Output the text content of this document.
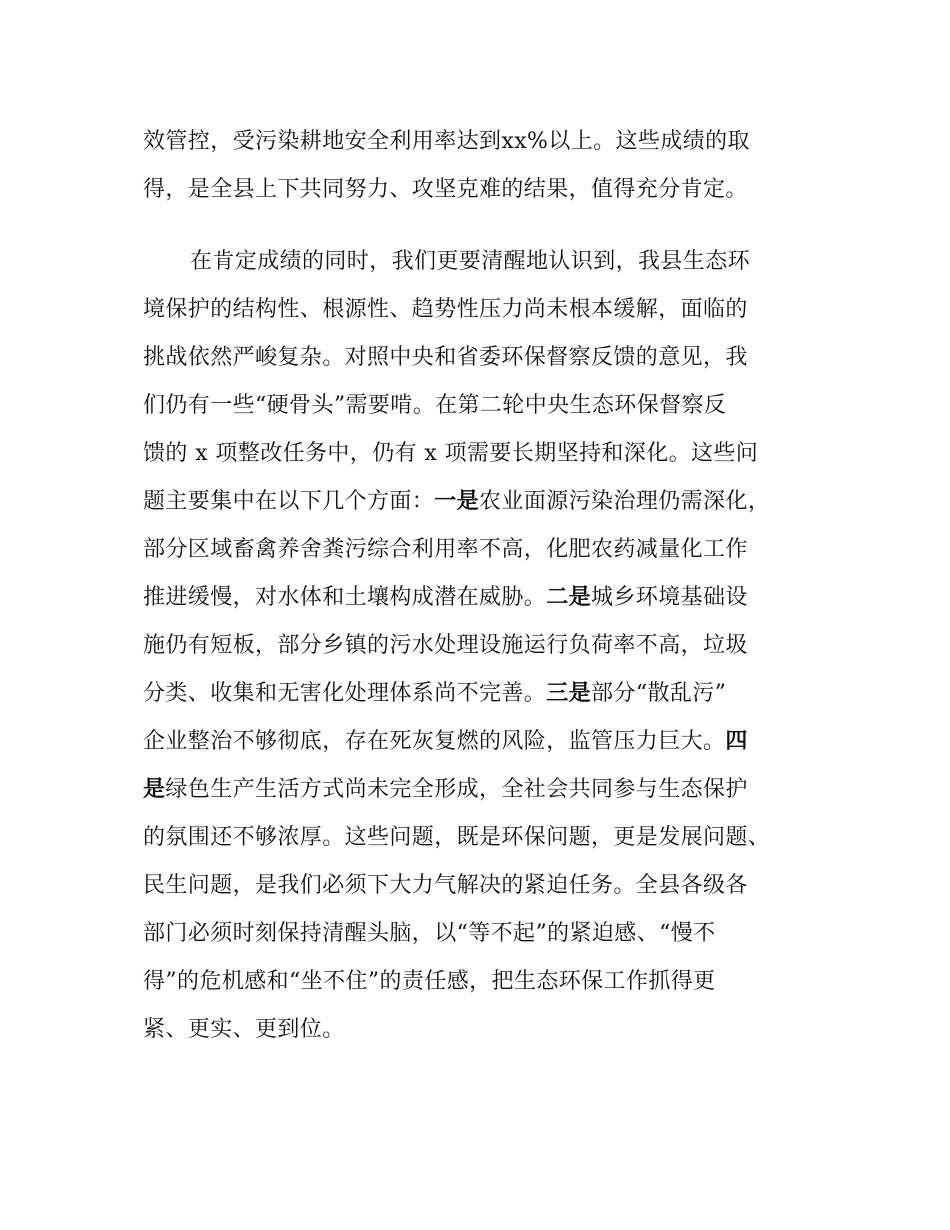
效管控，受污染耕地安全利用率达到xx%以上。这些成绩的取

得，是全县上下共同努力、攻坚克难的结果，值得充分肯定。

在肯定成绩的同时，我们更要清醒地认识到，我县生态环

境保护的结构性、根源性、趋势性压力尚未根本缓解，面临的

挑战依然严峻复杂。对照中央和省委环保督察反馈的意见，我

们仍有一些“硬骨头”需要啃。在第二轮中央生态环保督察反

馈的 x 项整改任务中，仍有 x 项需要长期坚持和深化。这些问

题主要集中在以下几个方面：一是农业面源污染治理仍需深化，

部分区域畜禽养舍粪污综合利用率不高，化肥农药减量化工作

推进缓慢，对水体和土壤构成潜在威胁。二是城乡环境基础设

施仍有短板，部分乡镇的污水处理设施运行负荷率不高，垃圾

分类、收集和无害化处理体系尚不完善。三是部分“散乱污”

企业整治不够彻底，存在死灰复燃的风险，监管压力巨大。四

是绿色生产生活方式尚未完全形成，全社会共同参与生态保护

的氛围还不够浓厚。这些问题，既是环保问题，更是发展问题、

民生问题，是我们必须下大力气解决的紧迫任务。全县各级各

部门必须时刻保持清醒头脑，以“等不起”的紧迫感、“慢不

得”的危机感和“坐不住”的责任感，把生态环保工作抓得更

紧、更实、更到位。
